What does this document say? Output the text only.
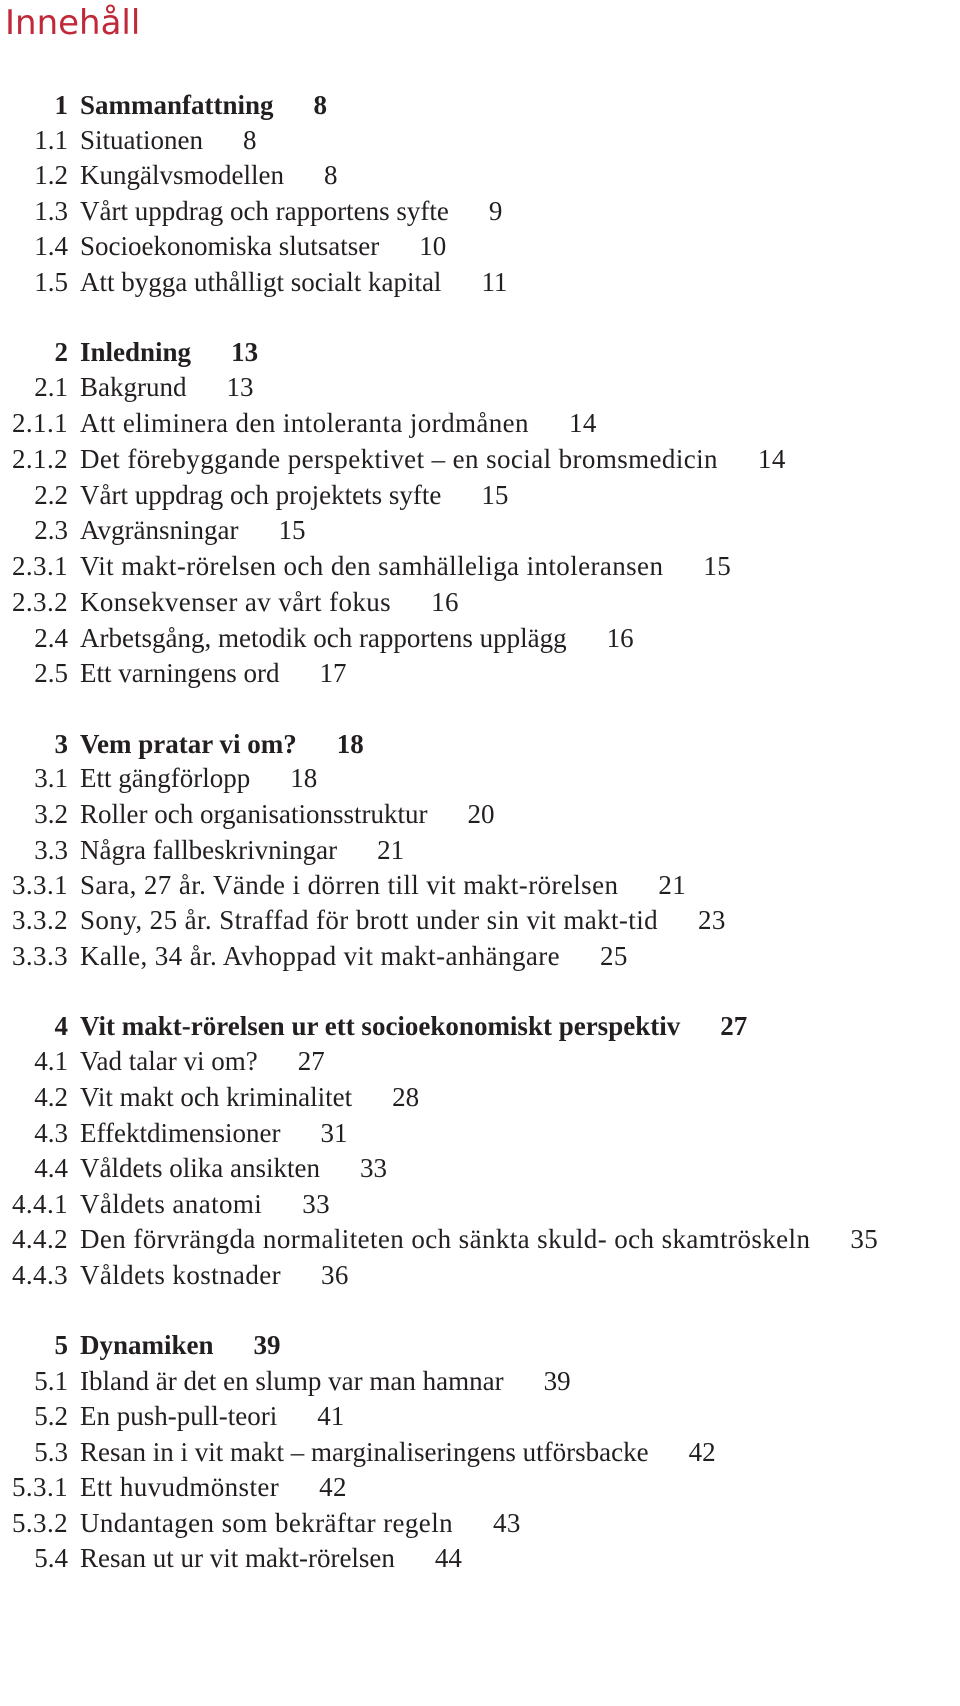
Innehåll
1 Sammanfattning 8
1.1 Situationen 8
1.2 Kungälvsmodellen 8
1.3 Vårt uppdrag och rapportens syfte 9
1.4 Socioekonomiska slutsatser 10
1.5 Att bygga uthålligt socialt kapital 11
2 Inledning 13
2.1 Bakgrund 13
2.1.1 Att eliminera den intoleranta jordmånen 14
2.1.2 Det förebyggande perspektivet – en social bromsmedicin 14
2.2 Vårt uppdrag och projektets syfte 15
2.3 Avgränsningar 15
2.3.1 Vit makt-rörelsen och den samhälleliga intoleransen 15
2.3.2 Konsekvenser av vårt fokus 16
2.4 Arbetsgång, metodik och rapportens upplägg 16
2.5 Ett varningens ord 17
3 Vem pratar vi om? 18
3.1 Ett gängförlopp 18
3.2 Roller och organisationsstruktur 20
3.3 Några fallbeskrivningar 21
3.3.1 Sara, 27 år. Vände i dörren till vit makt-rörelsen 21
3.3.2 Sony, 25 år. Straffad för brott under sin vit makt-tid 23
3.3.3 Kalle, 34 år. Avhoppad vit makt-anhängare 25
4 Vit makt-rörelsen ur ett socioekonomiskt perspektiv 27
4.1 Vad talar vi om? 27
4.2 Vit makt och kriminalitet 28
4.3 Effektdimensioner 31
4.4 Våldets olika ansikten 33
4.4.1 Våldets anatomi 33
4.4.2 Den förvrängda normaliteten och sänkta skuld- och skamtröskeln 35
4.4.3 Våldets kostnader 36
5 Dynamiken 39
5.1 Ibland är det en slump var man hamnar 39
5.2 En push-pull-teori 41
5.3 Resan in i vit makt – marginaliseringens utförsbacke 42
5.3.1 Ett huvudmönster 42
5.3.2 Undantagen som bekräftar regeln 43
5.4 Resan ut ur vit makt-rörelsen 44
